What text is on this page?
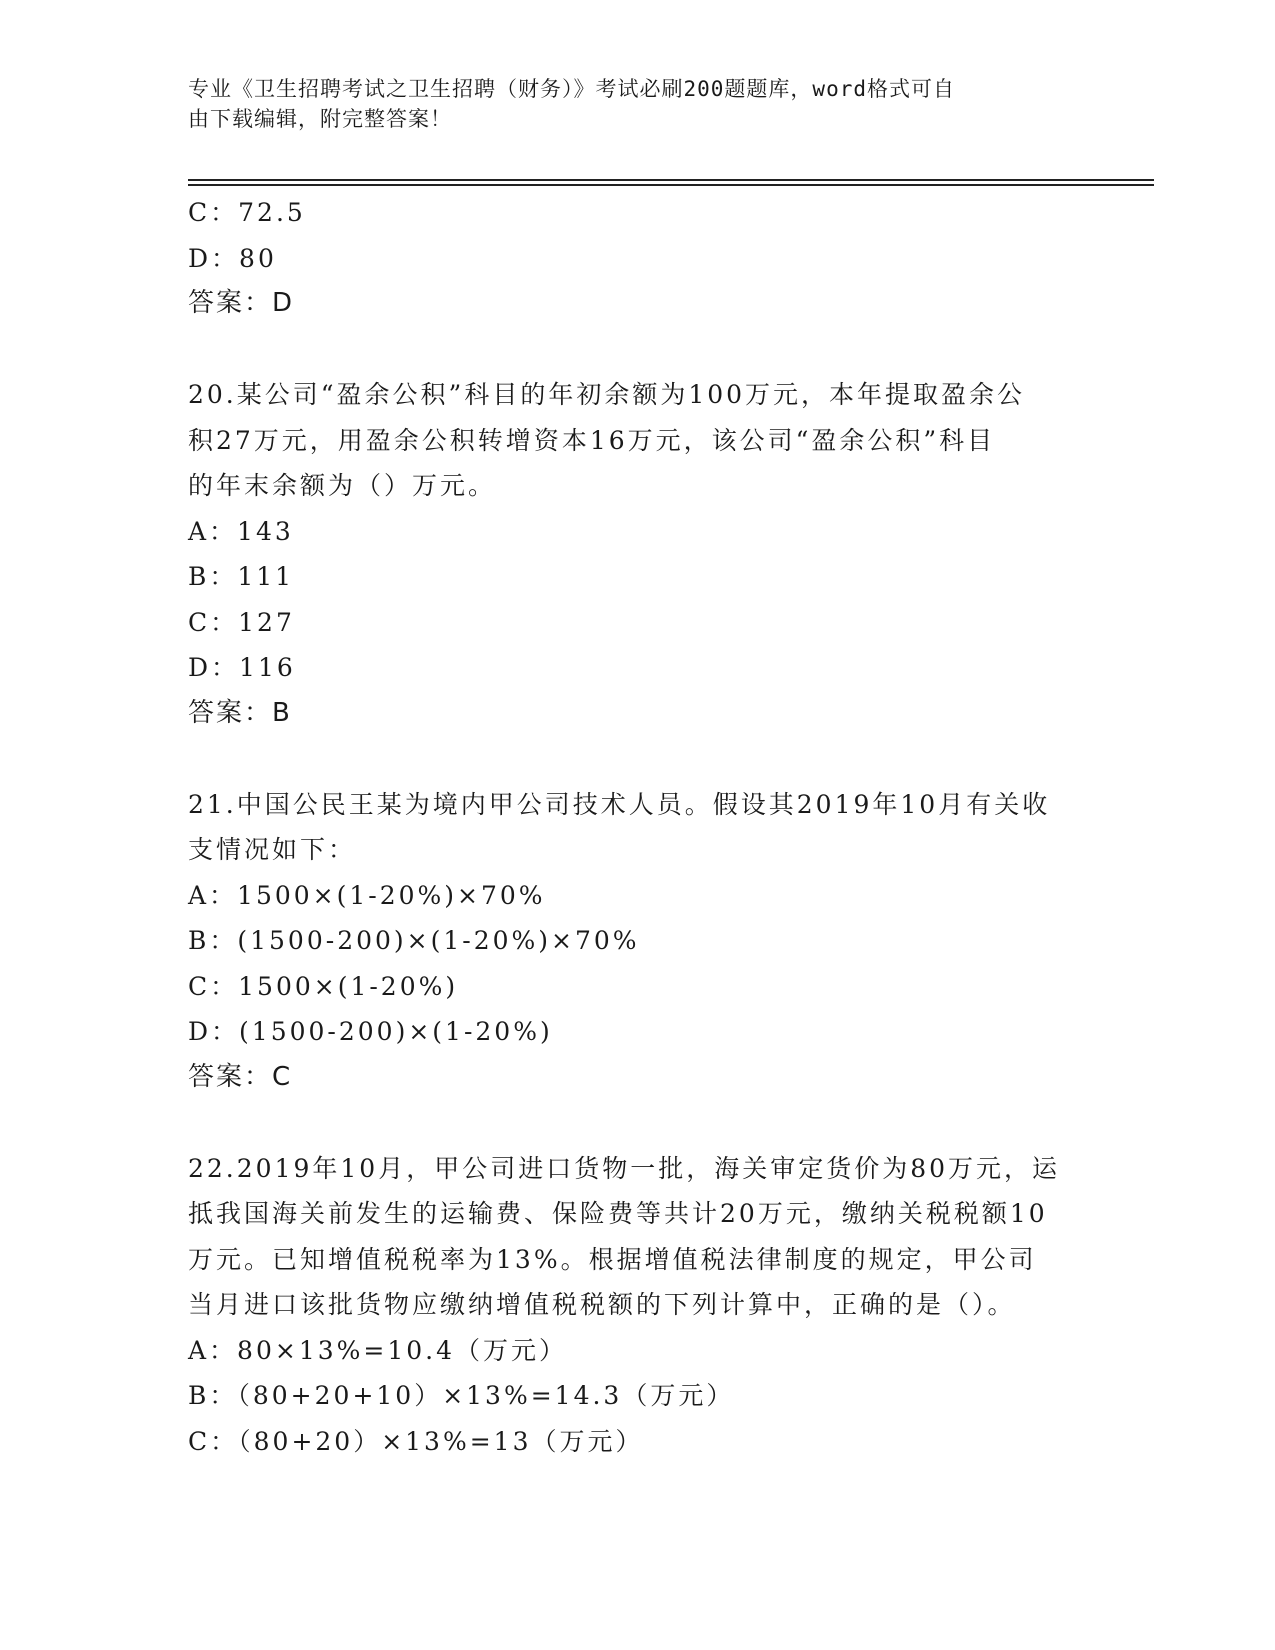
专业《卫生招聘考试之卫生招聘（财务）》考试必刷200题题库，word格式可自
由下载编辑，附完整答案！
C：72.5
D：80
答案：D
20.某公司“盈余公积”科目的年初余额为100万元，本年提取盈余公
积27万元，用盈余公积转增资本16万元，该公司“盈余公积”科目
的年末余额为（）万元。
A：143
B：111
C：127
D：116
答案：B
21.中国公民王某为境内甲公司技术人员。假设其2019年10月有关收
支情况如下：
A：1500×(1-20%)×70%
B：(1500-200)×(1-20%)×70%
C：1500×(1-20%)
D：(1500-200)×(1-20%)
答案：C
22.2019年10月，甲公司进口货物一批，海关审定货价为80万元，运
抵我国海关前发生的运输费、保险费等共计20万元，缴纳关税税额10
万元。已知增值税税率为13%。根据增值税法律制度的规定，甲公司
当月进口该批货物应缴纳增值税税额的下列计算中，正确的是（）。
A：80×13%=10.4（万元）
B：（80+20+10）×13%=14.3（万元）
C：（80+20）×13%=13（万元）
